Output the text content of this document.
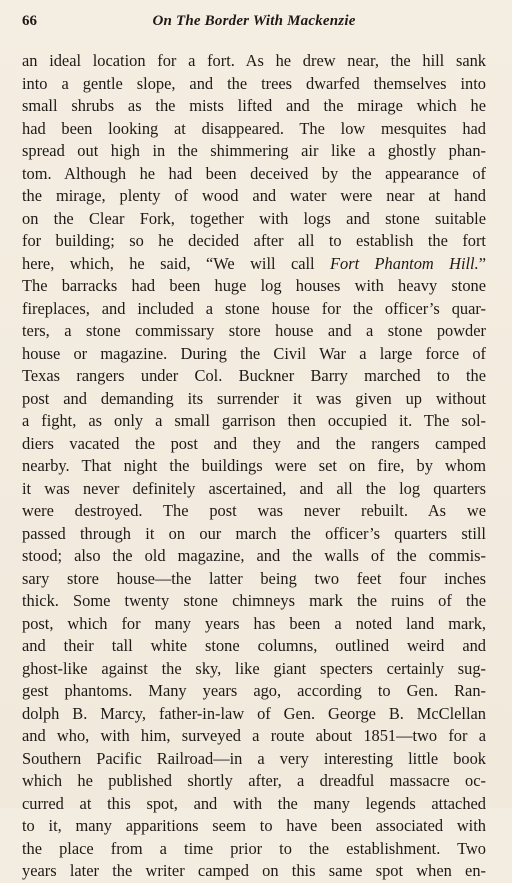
66	On The Border With Mackenzie
an ideal location for a fort. As he drew near, the hill sank
into a gentle slope, and the trees dwarfed themselves into
small shrubs as the mists lifted and the mirage which he
had been looking at disappeared. The low mesquites had
spread out high in the shimmering air like a ghostly phan-
tom. Although he had been deceived by the appearance of
the mirage, plenty of wood and water were near at hand
on the Clear Fork, together with logs and stone suitable
for building; so he decided after all to establish the fort
here, which, he said, “We will call Fort Phantom Hill.”
The barracks had been huge log houses with heavy stone
fireplaces, and included a stone house for the officer’s quar-
ters, a stone commissary store house and a stone powder
house or magazine. During the Civil War a large force of
Texas rangers under Col. Buckner Barry marched to the
post and demanding its surrender it was given up without
a fight, as only a small garrison then occupied it. The sol-
diers vacated the post and they and the rangers camped
nearby. That night the buildings were set on fire, by whom
it was never definitely ascertained, and all the log quarters
were destroyed. The post was never rebuilt. As we
passed through it on our march the officer’s quarters still
stood; also the old magazine, and the walls of the commis-
sary store house—the latter being two feet four inches
thick. Some twenty stone chimneys mark the ruins of the
post, which for many years has been a noted land mark,
and their tall white stone columns, outlined weird and
ghost-like against the sky, like giant specters certainly sug-
gest phantoms. Many years ago, according to Gen. Ran-
dolph B. Marcy, father-in-law of Gen. George B. McClellan
and who, with him, surveyed a route about 1851—two for a
Southern Pacific Railroad—in a very interesting little book
which he published shortly after, a dreadful massacre oc-
curred at this spot, and with the many legends attached
to it, many apparitions seem to have been associated with
the place from a time prior to the establishment. Two
years later the writer camped on this same spot when en-
